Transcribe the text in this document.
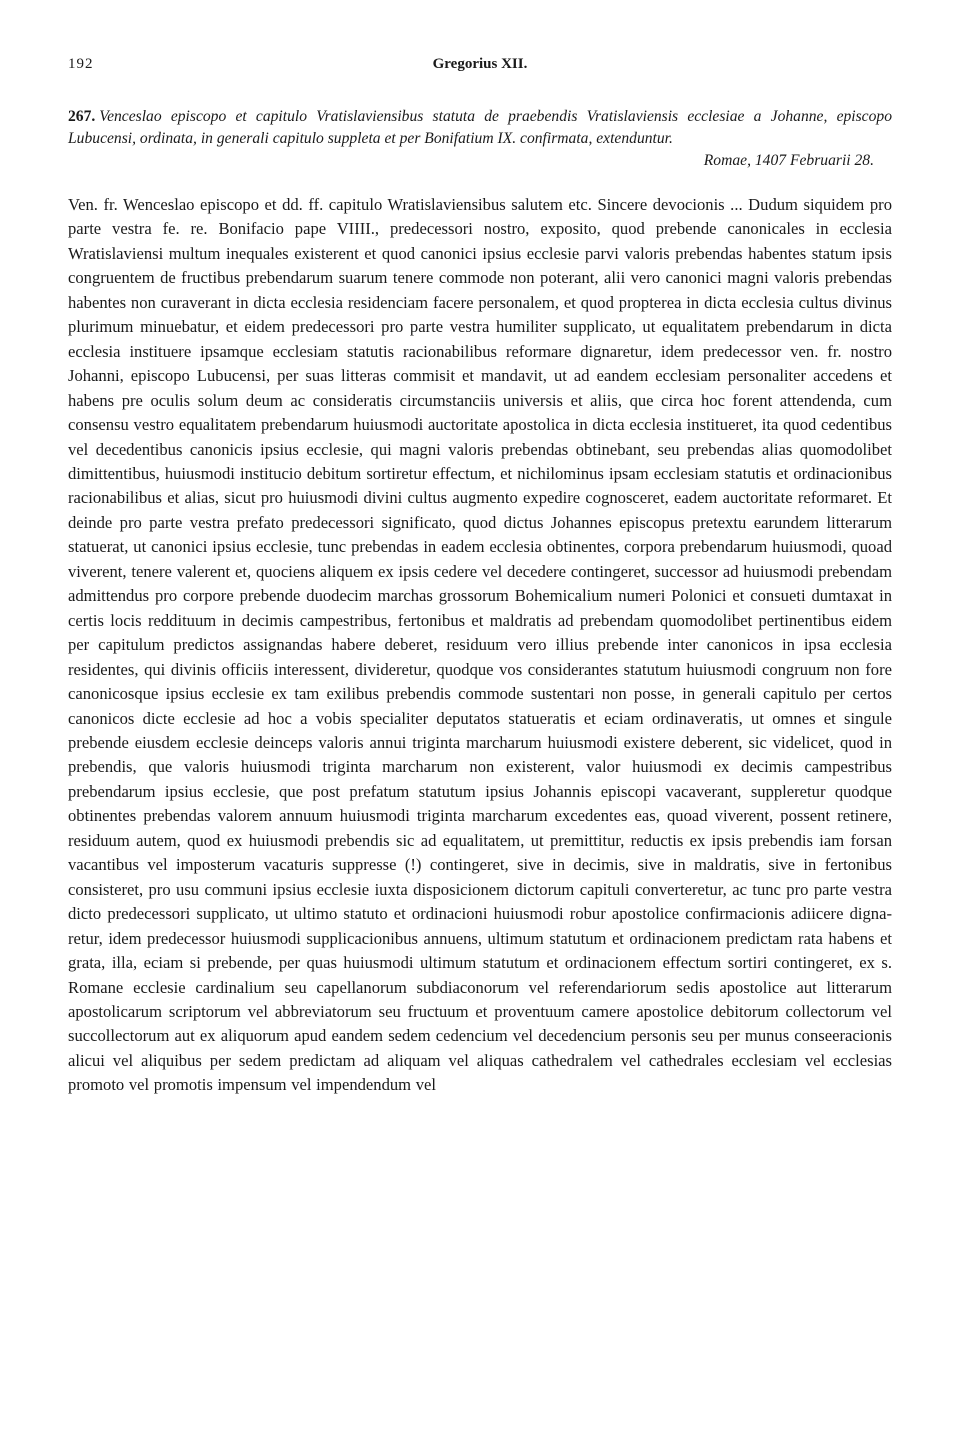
192	Gregorius XII.
267. Venceslao episcopo et capitulo Vratislaviensibus statuta de praebendis Vratislaviensis ecclesiae a Johanne, episcopo Lubucensi, ordinata, in generali capitulo suppleta et per Bonifatium IX. confirmata, extenduntur.
Romae, 1407 Februarii 28.
Ven. fr. Wenceslao episcopo et dd. ff. capitulo Wratislaviensibus salutem etc. Sincere devocionis ... Dudum siquidem pro parte vestra fe. re. Bonifacio pape VIIII., predecessori nostro, exposito, quod prebende canonicales in ecclesia Wratislaviensi multum inequales existerent et quod canonici ipsius ecclesie parvi valoris prebendas habentes statum ipsis congruentem de fructibus prebendarum suarum tenere commode non poterant, alii vero canonici magni valoris prebendas habentes non curaverant in dicta ecclesia residenciam facere personalem, et quod propterea in dicta ecclesia cultus divinus plurimum minuebatur, et eidem predecessori pro parte vestra humiliter supplicato, ut equalitatem prebendarum in dicta ecclesia instituere ipsamque ecclesiam statutis racionabilibus reformare dignaretur, idem predecessor ven. fr. nostro Johanni, episcopo Lubucensi, per suas litteras commisit et mandavit, ut ad eandem ecclesiam personaliter accedens et habens pre oculis solum deum ac consideratis circumstanciis universis et aliis, que circa hoc forent attendenda, cum consensu vestro equalitatem prebendarum huiusmodi auctoritate apostolica in dicta ecclesia institueret, ita quod cedentibus vel decedentibus canonicis ipsius ecclesie, qui magni valoris prebendas obtinebant, seu prebendas alias quomodolibet dimittentibus, huiusmodi institucio debitum sortiretur effectum, et nichilominus ipsam ecclesiam statutis et ordinacionibus racionabilibus et alias, sicut pro huiusmodi divini cultus augmento expedire cognosceret, eadem auctoritate reformaret. Et deinde pro parte vestra prefato predecessori significato, quod dictus Johannes episcopus pretextu earundem litterarum statuerat, ut canonici ipsius ecclesie, tunc prebendas in eadem ecclesia obtinentes, corpora prebendarum huiusmodi, quoad viverent, tenere valerent et, quociens aliquem ex ipsis cedere vel decedere contingeret, successor ad huiusmodi prebendam admittendus pro corpore prebende duodecim marchas grossorum Bohemicalium numeri Polonici et consueti dumtaxat in certis locis reddituum in decimis campestribus, fertonibus et maldratis ad prebendam quomodolibet pertinentibus eidem per capitulum predictos assignandas habere deberet, residuum vero illius prebende inter canonicos in ipsa ecclesia residentes, qui divinis officiis interessent, divideretur, quodque vos considerantes statutum huiusmodi congruum non fore canonicosque ipsius ecclesie ex tam exilibus prebendis commode sustentari non posse, in generali capitulo per certos canonicos dicte ecclesie ad hoc a vobis specialiter deputatos statueratis et eciam ordinaveratis, ut omnes et singule prebende eiusdem ecclesie deinceps valoris annui triginta marcharum huiusmodi existere deberent, sic videlicet, quod in prebendis, que valoris huiusmodi triginta marcharum non existerent, valor huiusmodi ex decimis campestribus prebendarum ipsius ecclesie, que post prefatum statutum ipsius Johannis episcopi vacaverant, suppleretur quodque obtinentes prebendas valorem annuum huiusmodi triginta marcharum excedentes eas, quoad viverent, possent retinere, residuum autem, quod ex huiusmodi prebendis sic ad equalitatem, ut premittitur, reductis ex ipsis prebendis iam forsan vacantibus vel imposterum vacaturis suppresse (!) contingeret, sive in decimis, sive in maldratis, sive in fertonibus consisteret, pro usu communi ipsius ecclesie iuxta disposicionem dictorum capituli converteretur, ac tunc pro parte vestra dicto predecessori supplicato, ut ultimo statuto et ordinacioni huiusmodi robur apostolice confirmacionis adiicere dignaretur, idem predecessor huiusmodi supplicacionibus annuens, ultimum statutum et ordinacionem predictam rata habens et grata, illa, eciam si prebende, per quas huiusmodi ultimum statutum et ordinacionem effectum sortiri contingeret, ex s. Romane ecclesie cardinalium seu capellanorum subdiaconorum vel referendariorum sedis apostolice aut litterarum apostolicarum scriptorum vel abbreviatorum seu fructuum et proventuum camere apostolice debitorum collectorum vel succollectorum aut ex aliquorum apud eandem sedem cedencium vel decedencium personis seu per munus conseeracionis alicui vel aliquibus per sedem predictam ad aliquam vel aliquas cathedralem vel cathedrales ecclesiam vel ecclesias promoto vel promotis impensum vel impendendum vel
